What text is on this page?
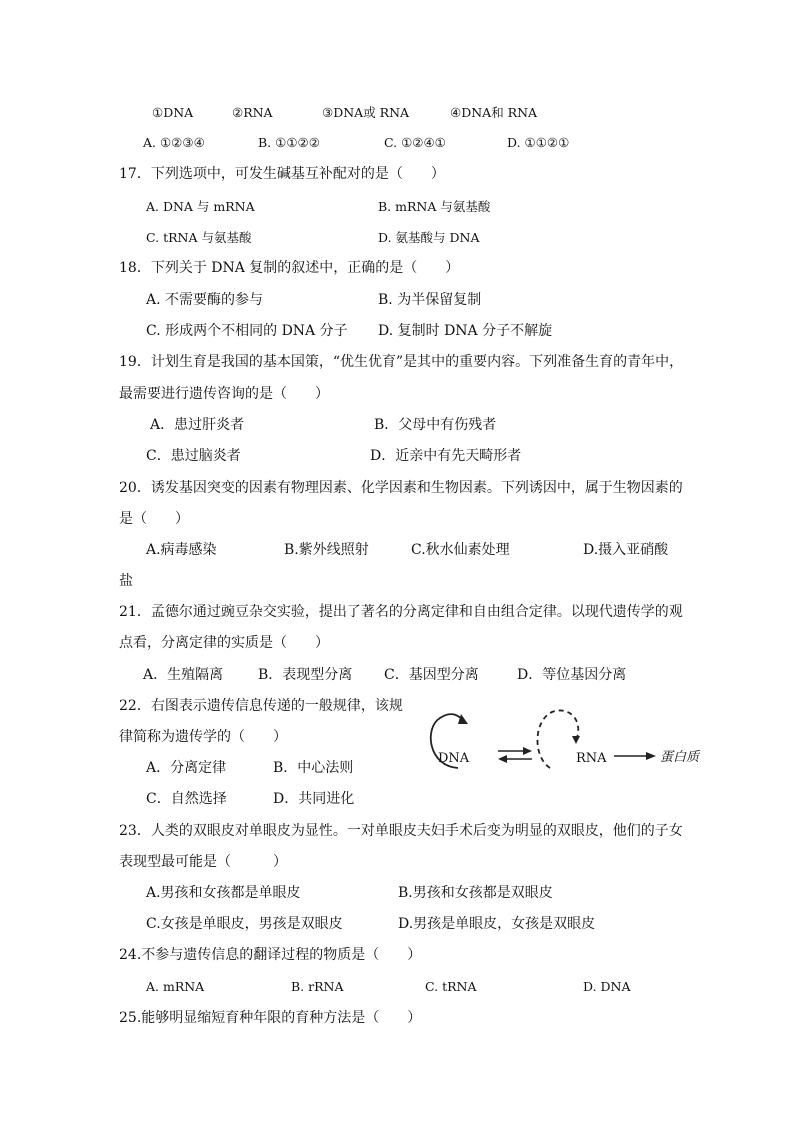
①DNA	②RNA	③DNA或 RNA	④DNA和 RNA
A. ①②③④	B. ①①②②	C. ①②④①	D. ①①②①
17．下列选项中，可发生碱基互补配对的是（　　）
A. DNA 与 mRNA	B. mRNA 与氨基酸
C. tRNA 与氨基酸	D. 氨基酸与 DNA
18．下列关于 DNA 复制的叙述中，正确的是（　　）
A. 不需要酶的参与	B. 为半保留复制
C. 形成两个不相同的 DNA 分子 D. 复制时 DNA 分子不解旋
19．计划生育是我国的基本国策，“优生优育”是其中的重要内容。下列准备生育的青年中，
最需要进行遗传咨询的是（　　）
A．患过肝炎者	B．父母中有伤残者
C．患过脑炎者	D．近亲中有先天畸形者
20．诱发基因突变的因素有物理因素、化学因素和生物因素。下列诱因中，属于生物因素的
是（　　）
A.病毒感染	B.紫外线照射	C.秋水仙素处理	D.摄入亚硝酸
盐
21．孟德尔通过豌豆杂交实验，提出了著名的分离定律和自由组合定律。以现代遗传学的观
点看，分离定律的实质是（　　）
A．生殖隔离 B．表现型分离 C．基因型分离	D．等位基因分离
22．右图表示遗传信息传递的一般规律，该规
律简称为遗传学的（　　）
A．分离定律	B．中心法则
C．自然选择	D．共同进化
DNA	RNA	蛋白质
23．人类的双眼皮对单眼皮为显性。一对单眼皮夫妇手术后变为明显的双眼皮，他们的子女
表现型最可能是（　　　）
A.男孩和女孩都是单眼皮	B.男孩和女孩都是双眼皮
C.女孩是单眼皮，男孩是双眼皮	D.男孩是单眼皮，女孩是双眼皮
24.不参与遗传信息的翻译过程的物质是（　　）
A. mRNA	B. rRNA	C. tRNA	D. DNA
25.能够明显缩短育种年限的育种方法是（　　）
